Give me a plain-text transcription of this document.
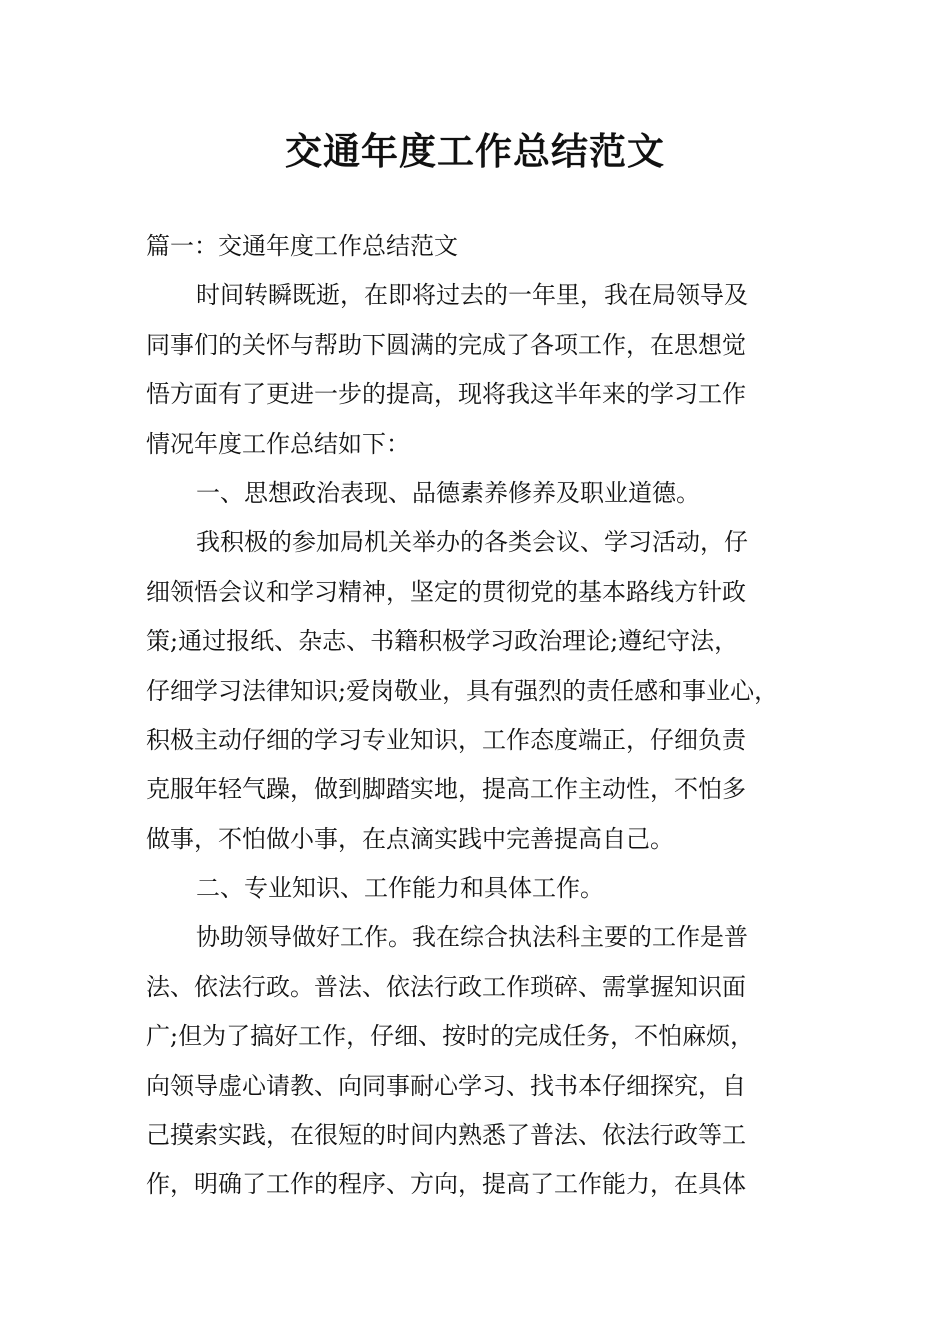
交通年度工作总结范文
篇一：交通年度工作总结范文
时间转瞬既逝，在即将过去的一年里，我在局领导及
同事们的关怀与帮助下圆满的完成了各项工作，在思想觉
悟方面有了更进一步的提高，现将我这半年来的学习工作
情况年度工作总结如下：
一、思想政治表现、品德素养修养及职业道德。
我积极的参加局机关举办的各类会议、学习活动，仔
细领悟会议和学习精神，坚定的贯彻党的基本路线方针政
策;通过报纸、杂志、书籍积极学习政治理论;遵纪守法，
仔细学习法律知识;爱岗敬业，具有强烈的责任感和事业心，
积极主动仔细的学习专业知识，工作态度端正，仔细负责
克服年轻气躁，做到脚踏实地，提高工作主动性，不怕多
做事，不怕做小事，在点滴实践中完善提高自己。
二、专业知识、工作能力和具体工作。
协助领导做好工作。我在综合执法科主要的工作是普
法、依法行政。普法、依法行政工作琐碎、需掌握知识面
广;但为了搞好工作，仔细、按时的完成任务，不怕麻烦，
向领导虚心请教、向同事耐心学习、找书本仔细探究，自
己摸索实践，在很短的时间内熟悉了普法、依法行政等工
作，明确了工作的程序、方向，提高了工作能力，在具体
